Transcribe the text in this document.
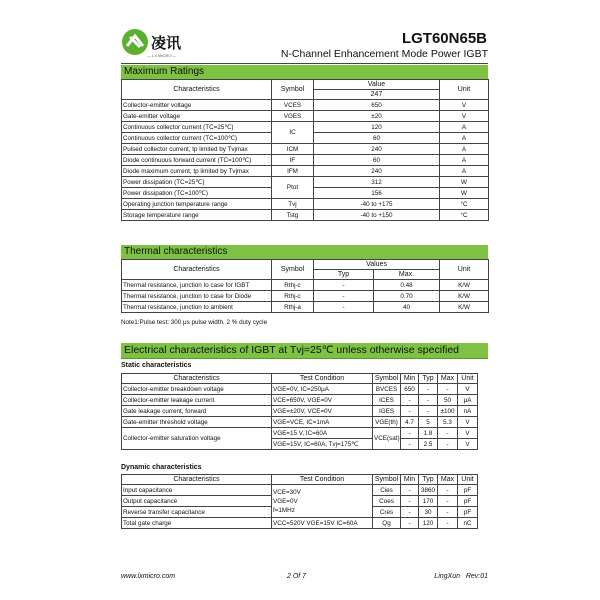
凌讯
— LX MICRO —
LGT60N65B
N-Channel Enhancement Mode Power IGBT
Maximum Ratings
Characteristics	Symbol	Value	Unit
		247	
Collector-emitter voltage	VCES	650	V
Gate-emitter voltage	VGES	±20	V
Continuous collector current (TC=25℃)	IC	120	A
Continuous collector current (TC=100℃)		60	A
Pulsed collector current, tp limited by Tvjmax	ICM	240	A
Diode continuous forward current (TC=100℃)	IF	60	A
Diode maximum current, tp limited by Tvjmax	IFM	240	A
Power dissipation (TC=25℃)	Ptot	312	W
Power dissipation (TC=100℃)		156	W
Operating junction temperature range	Tvj	-40 to +175	°C
Storage temperature range	Tstg	-40 to +150	°C
Thermal characteristics
Characteristics	Symbol	Values		Unit
		Typ	Max.	
Thermal resistance, junction to case for IGBT	Rthj-c	-	0.48	K/W
Thermal resistance, junction to case for Diode	Rthj-c	-	0.70	K/W
Thermal resistance, junction to ambient	Rthj-a	-	40	K/W
Note1:Pulse test: 300 μs pulse width, 2 % duty cycle
Electrical characteristics of IGBT at Tvj=25℃ unless otherwise specified
Static characteristics
Characteristics	Test Condition	Symbol	Min	Typ	Max	Unit
Collector-emitter breakdown voltage	VGE=0V, IC=250μA	BVCES	650	-	-	V
Collector-emitter leakage current	VCE=650V, VGE=0V	ICES	-	-	50	μA
Gate leakage current, forward	VGE=±20V, VCE=0V	IGES	-	-	±100	nA
Gate-emitter threshold voltage	VGE=VCE, IC=1mA	VGE(th)	4.7	5	5.3	V
Collector-emitter saturation voltage	VGE=15 V, IC=60A	VCE(sat)	-	1.8	-	V
	VGE=15V, IC=60A, Tvj=175℃		-	2.5	-	V
Dynamic characteristics
Characteristics	Test Condition	Symbol	Min	Typ	Max	Unit
Input capacitance	VCE=30V
VGE=0V
f=1MHz	Cies	-	3860	-	pF
Output capacitance		Coes	-	170	-	pF
Reverse transfer capacitance		Cres	-	30	-	pF
Total gate charge	VCC=520V VGE=15V IC=60A	Qg	-	120	-	nC
www.lxmicro.com	2 Of 7	LingXun   Rev:01
